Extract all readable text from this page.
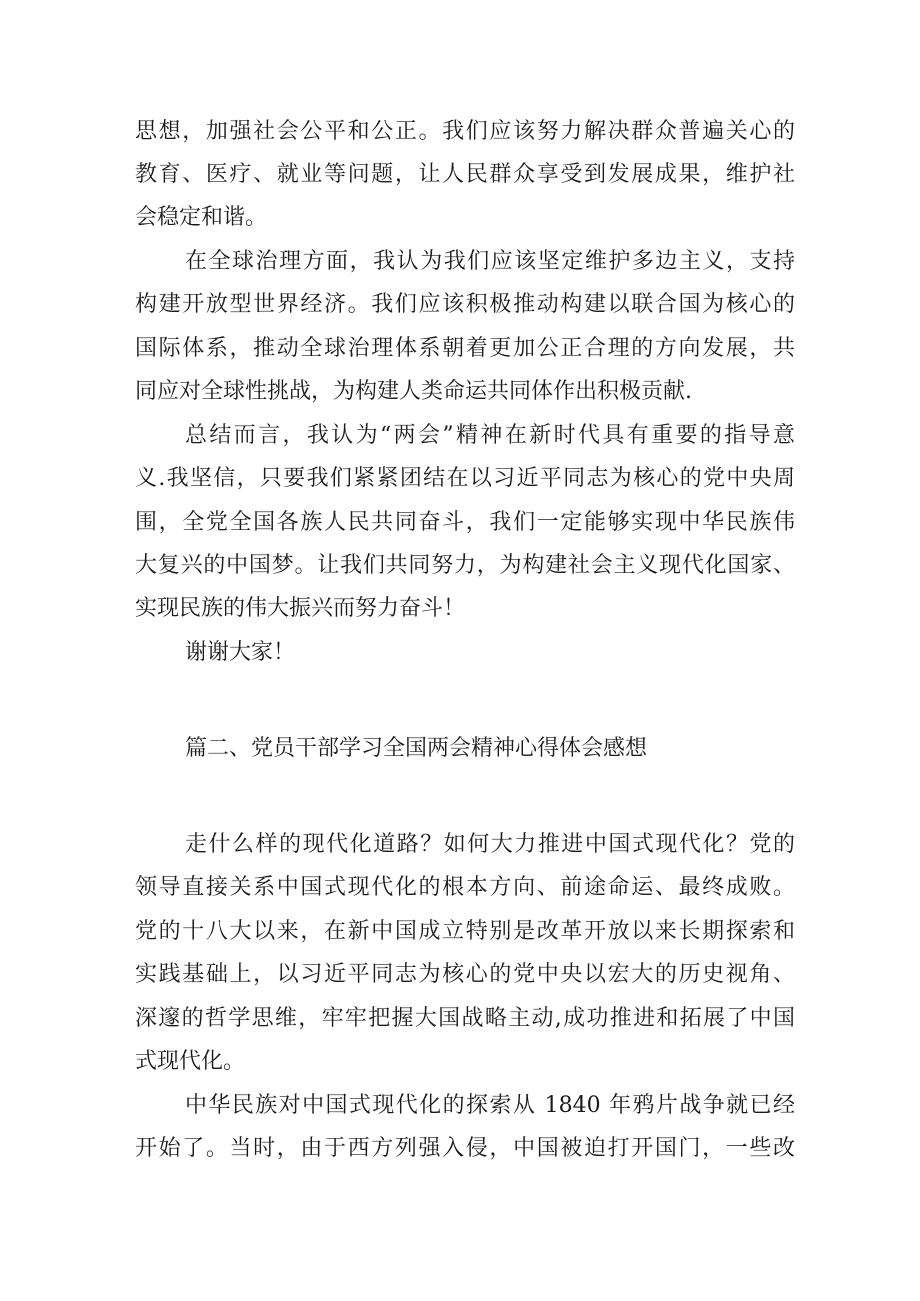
思想，加强社会公平和公正。我们应该努力解决群众普遍关心的
教育、医疗、就业等问题，让人民群众享受到发展成果，维护社
会稳定和谐。
在全球治理方面，我认为我们应该坚定维护多边主义，支持
构建开放型世界经济。我们应该积极推动构建以联合国为核心的
国际体系，推动全球治理体系朝着更加公正合理的方向发展，共
同应对全球性挑战，为构建人类命运共同体作出积极贡献.
总结而言，我认为“两会”精神在新时代具有重要的指导意
义.我坚信，只要我们紧紧团结在以习近平同志为核心的党中央周
围，全党全国各族人民共同奋斗，我们一定能够实现中华民族伟
大复兴的中国梦。让我们共同努力，为构建社会主义现代化国家、
实现民族的伟大振兴而努力奋斗！
谢谢大家！
篇二、党员干部学习全国两会精神心得体会感想
走什么样的现代化道路？如何大力推进中国式现代化？党的
领导直接关系中国式现代化的根本方向、前途命运、最终成败。
党的十八大以来，在新中国成立特别是改革开放以来长期探索和
实践基础上，以习近平同志为核心的党中央以宏大的历史视角、
深邃的哲学思维，牢牢把握大国战略主动,成功推进和拓展了中国
式现代化。
中华民族对中国式现代化的探索从 1840 年鸦片战争就已经
开始了。当时，由于西方列强入侵，中国被迫打开国门，一些改
